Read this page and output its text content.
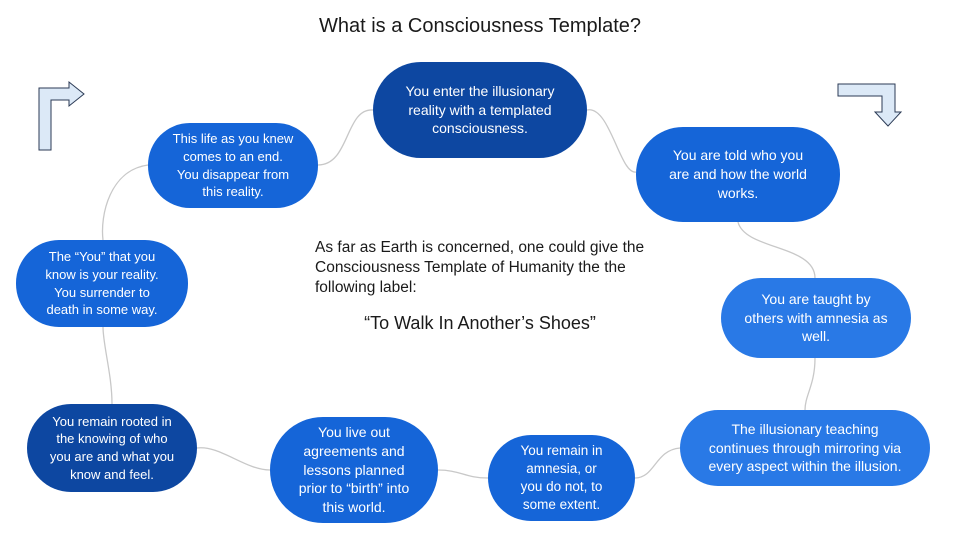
What is a Consciousness Template?
You enter the illusionary
reality with a templated
consciousness.
You are told who you
are and how the world
works.
You are taught by
others with amnesia as
well.
The illusionary teaching
continues through mirroring via
every aspect within the illusion.
You remain in
amnesia, or
you do not, to
some extent.
You live out
agreements and
lessons planned
prior to “birth” into
this world.
You remain rooted in
the knowing of who
you are and what you
know and feel.
The “You” that you
know is your reality.
You surrender to
death in some way.
This life as you knew
comes to an end.
You disappear from
this reality.
As far as Earth is concerned, one could give the Consciousness Template of Humanity the the following label:
“To Walk In Another’s Shoes”
